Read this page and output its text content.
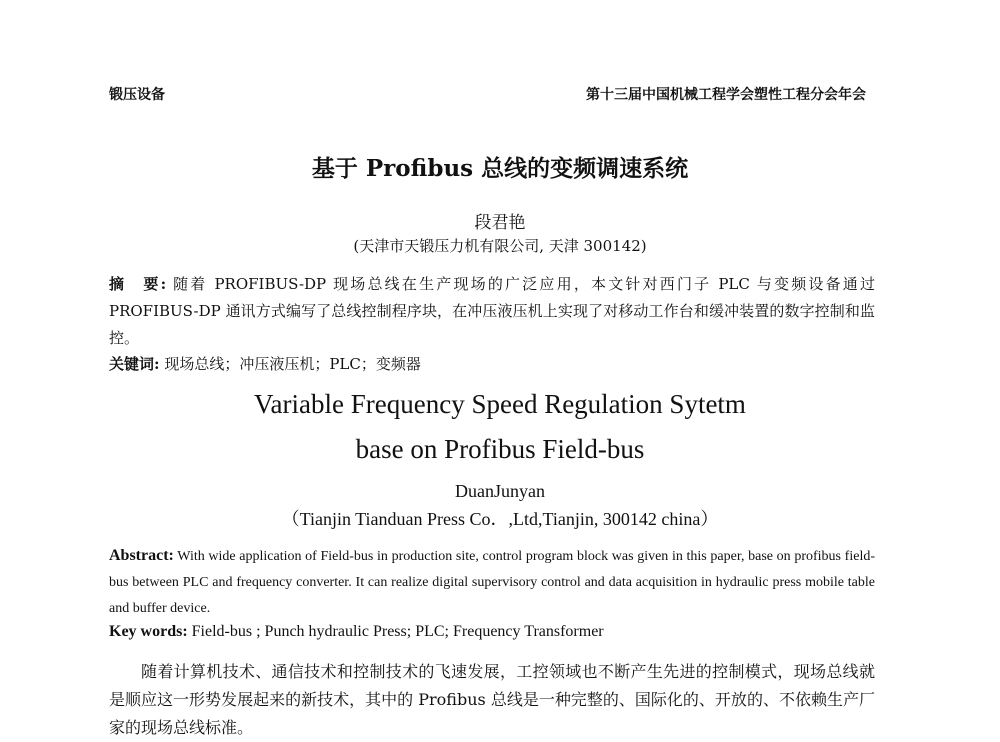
锻压设备	第十三届中国机械工程学会塑性工程分会年会
基于 Profibus 总线的变频调速系统
段君艳
(天津市天锻压力机有限公司, 天津 300142)
摘　要: 随着 PROFIBUS-DP 现场总线在生产现场的广泛应用，本文针对西门子 PLC 与变频设备通过 PROFIBUS-DP 通讯方式编写了总线控制程序块，在冲压液压机上实现了对移动工作台和缓冲装置的数字控制和监控。
关键词: 现场总线；冲压液压机；PLC；变频器
Variable Frequency Speed Regulation Sytetm
base on Profibus Field-bus
DuanJunyan
（Tianjin Tianduan Press Co．,Ltd,Tianjin, 300142 china）
Abstract: With wide application of Field-bus in production site, control program block was given in this paper, base on profibus field-bus between PLC and frequency converter. It can realize digital supervisory control and data acquisition in hydraulic press mobile table and buffer device.
Key words: Field-bus ; Punch hydraulic Press; PLC; Frequency Transformer
随着计算机技术、通信技术和控制技术的飞速发展，工控领域也不断产生先进的控制模式，现场总线就是顺应这一形势发展起来的新技术，其中的 Profibus 总线是一种完整的、国际化的、开放的、不依赖生产厂家的现场总线标准。
